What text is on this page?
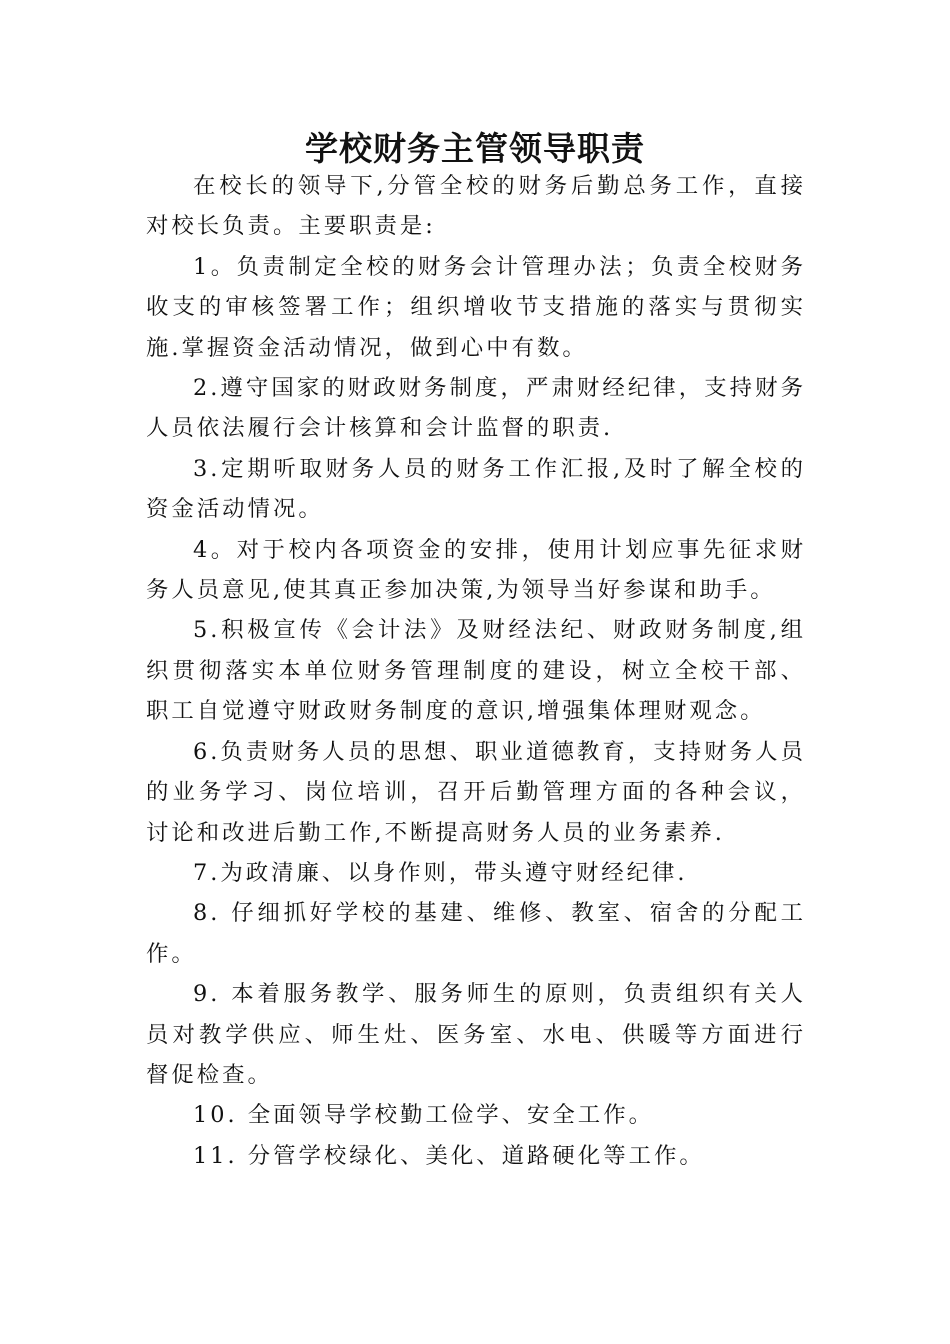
学校财务主管领导职责

在校长的领导下,分管全校的财务后勤总务工作，直接对校长负责。主要职责是:

1。负责制定全校的财务会计管理办法；负责全校财务收支的审核签署工作；组织增收节支措施的落实与贯彻实施.掌握资金活动情况，做到心中有数。

2.遵守国家的财政财务制度，严肃财经纪律，支持财务人员依法履行会计核算和会计监督的职责.

3.定期听取财务人员的财务工作汇报,及时了解全校的资金活动情况。

4。对于校内各项资金的安排，使用计划应事先征求财务人员意见,使其真正参加决策,为领导当好参谋和助手。

5.积极宣传《会计法》及财经法纪、财政财务制度,组织贯彻落实本单位财务管理制度的建设，树立全校干部、职工自觉遵守财政财务制度的意识,增强集体理财观念。

6.负责财务人员的思想、职业道德教育，支持财务人员的业务学习、岗位培训，召开后勤管理方面的各种会议，讨论和改进后勤工作,不断提高财务人员的业务素养.

7.为政清廉、以身作则，带头遵守财经纪律.

8. 仔细抓好学校的基建、维修、教室、宿舍的分配工作。

9. 本着服务教学、服务师生的原则，负责组织有关人员对教学供应、师生灶、医务室、水电、供暖等方面进行督促检查。

10. 全面领导学校勤工俭学、安全工作。

11. 分管学校绿化、美化、道路硬化等工作。
